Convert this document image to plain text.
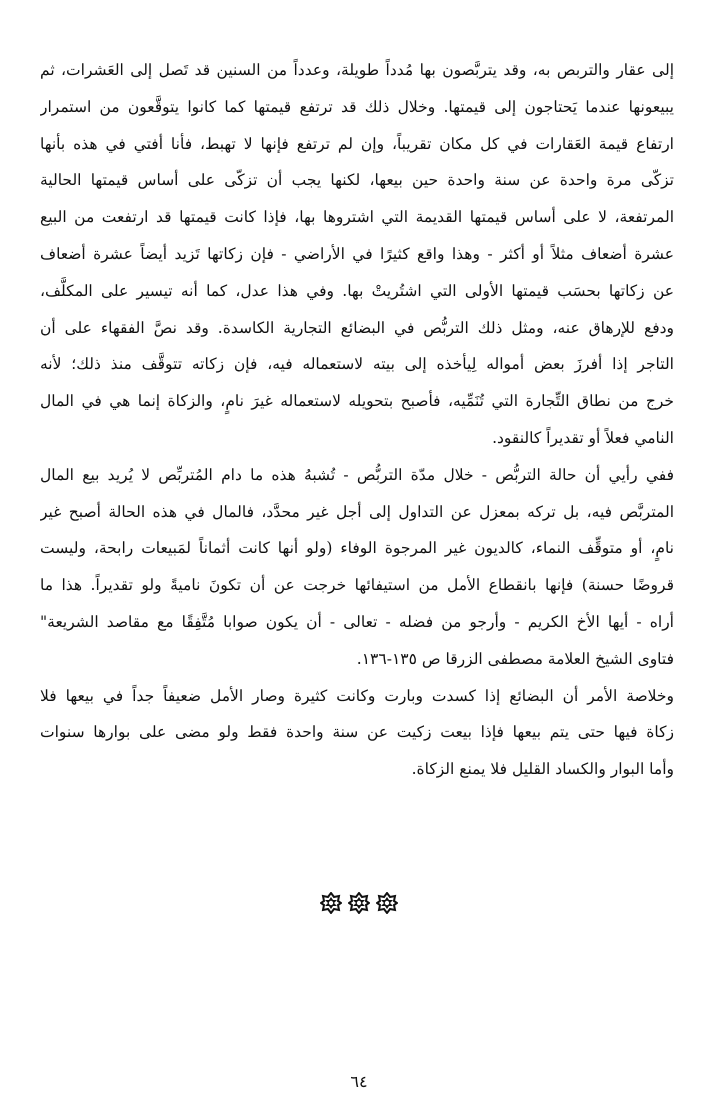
إلى عقار والتربص به، وقد يتربَّصون بها مُدداً طويلة، وعدداً من السنين قد تَصل إلى العَشرات، ثم
يبيعونها عندما يَحتاجون إلى قيمتها. وخلال ذلك قد ترتفع قيمتها كما كانوا يتوقَّعون من استمرار
ارتفاع قيمة العَقارات في كل مكان تقريباً، وإن لم ترتفع فإنها لا تهبط، فأنا أفتي في هذه بأنها
تزكّى مرة واحدة عن سنة واحدة حين بيعها، لكنها يجب أن تزكّى على أساس قيمتها الحالية
المرتفعة، لا على أساس قيمتها القديمة التي اشتروها بها، فإذا كانت قيمتها قد ارتفعت من البيع
عشرة أضعاف مثلاً أو أكثر - وهذا واقع كثيرًا في الأراضي - فإن زكاتها تَزيد أيضاً عشرة أضعاف
عن زكاتها بحسَب قيمتها الأولى التي اشتُريتْ بها. وفي هذا عدل، كما أنه تيسير على المكلَّف،
ودفع للإرهاق عنه، ومثل ذلك التربُّص في البضائع التجارية الكاسدة. وقد نصَّ الفقهاء على أن
التاجر إذا أفرزَ بعض أمواله لِيأخذه إلى بيته لاستعماله فيه، فإن زكاته تتوقَّف منذ ذلك؛ لأنه
خرج من نطاق التِّجارة التي تُنَمِّيه، فأصبح بتحويله لاستعماله غيرَ نامٍ، والزكاة إنما هي في المال
النامي فعلاً أو تقديراً كالنقود.
ففي رأيي أن حالة التربُّص - خلال مدّة التربُّص - تُشبهُ هذه ما دام المُتربِّص لا يُريد بيع المال
المتربَّص فيه، بل تركه بمعزل عن التداول إلى أجل غير محدَّد، فالمال في هذه الحالة أصبح غير
نامٍ، أو متوقِّف النماء، كالديون غير المرجوة الوفاء (ولو أنها كانت أثماناً لمَبيعات رابحة، وليست
قروضًا حسنة) فإنها بانقطاع الأمل من استيفائها خرجت عن أن تكونَ ناميةً ولو تقديراً. هذا ما
أراه - أيها الأخ الكريم - وأرجو من فضله - تعالى - أن يكون صوابا مُتَّفِقًا مع مقاصد الشريعة"
فتاوى الشيخ العلامة مصطفى الزرقا ص ١٣٥-١٣٦.
وخلاصة الأمر أن البضائع إذا كسدت وبارت وكانت كثيرة وصار الأمل ضعيفاً جداً في بيعها فلا
زكاة فيها حتى يتم بيعها فإذا بيعت زكيت عن سنة واحدة فقط ولو مضى على بوارها سنوات
وأما البوار والكساد القليل فلا يمنع الزكاة.
٦٤
